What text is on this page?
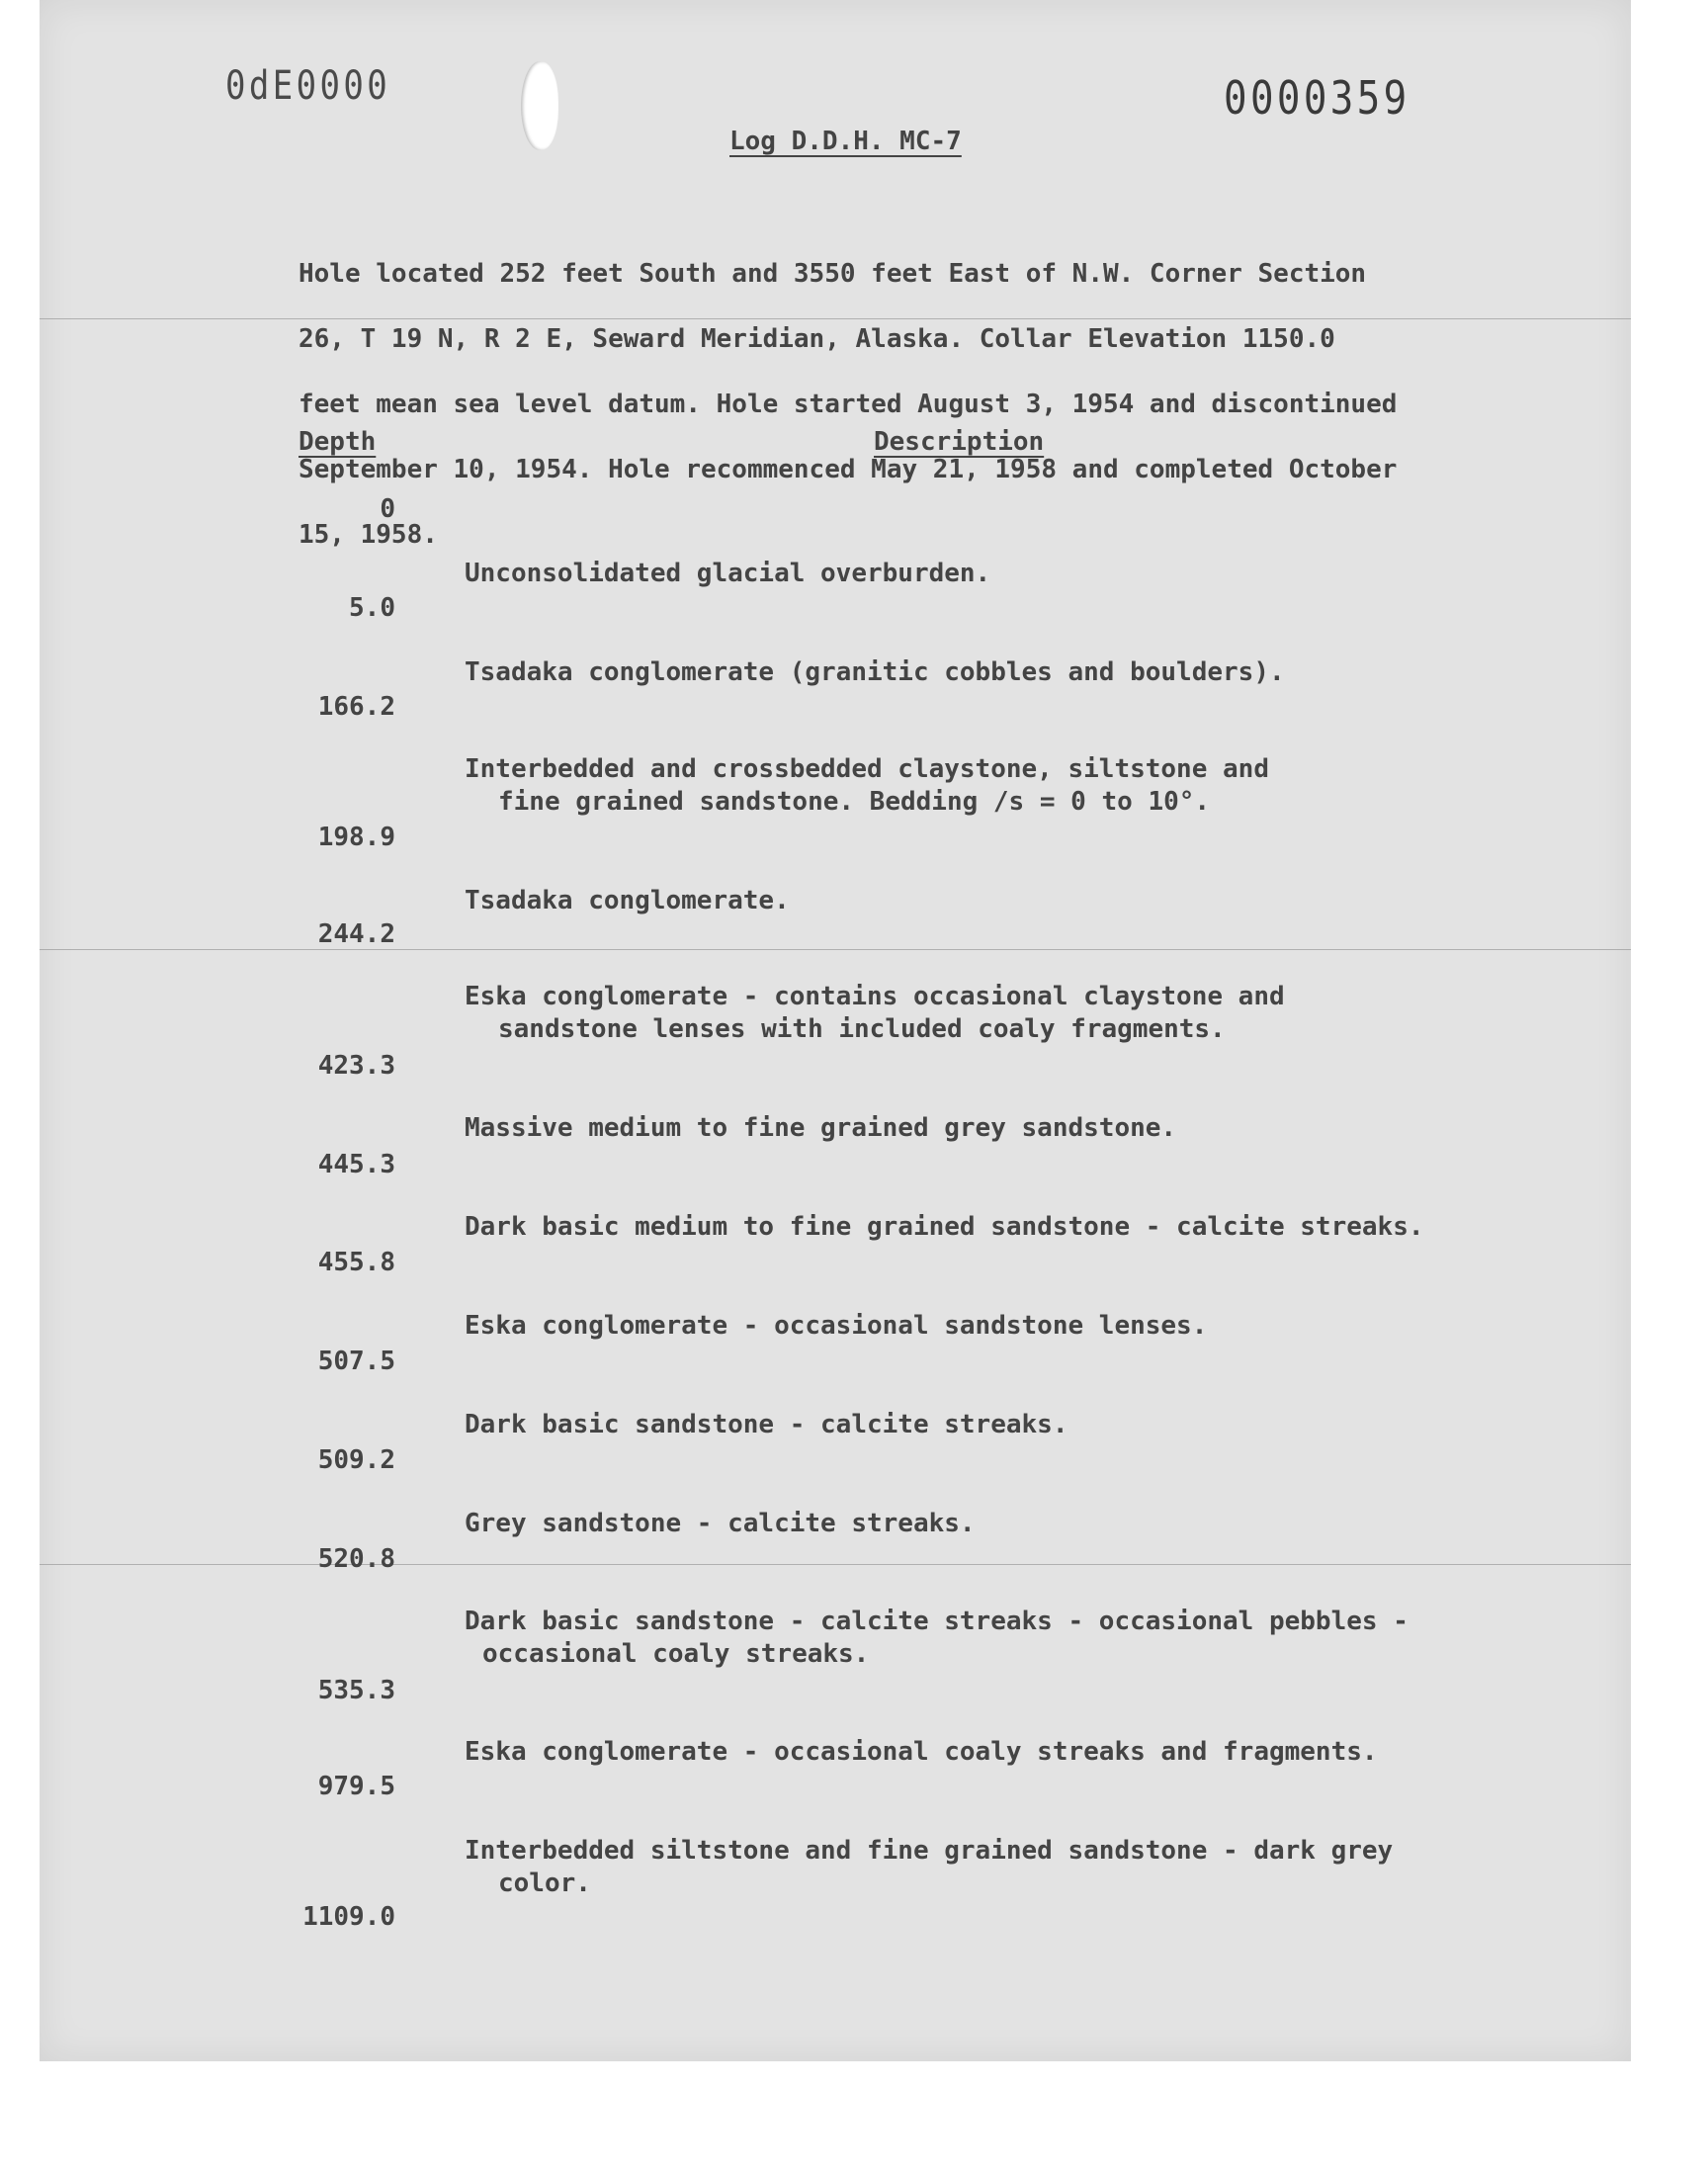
0dE0000	0000359
Log D.D.H. MC-7

Hole located 252 feet South and 3550 feet East of N.W. Corner Section

26, T 19 N, R 2 E, Seward Meridian, Alaska. Collar Elevation 1150.0

feet mean sea level datum. Hole started August 3, 1954 and discontinued

September 10, 1954. Hole recommenced May 21, 1958 and completed October

15, 1958.

Depth	Description
0
5.0
166.2
198.9
244.2
423.3
445.3
455.8
507.5
509.2
520.8
535.3
979.5
1109.0
Unconsolidated glacial overburden.
Tsadaka conglomerate (granitic cobbles and boulders).
Interbedded and crossbedded claystone, siltstone and
fine grained sandstone. Bedding /s = 0 to 10°.
Tsadaka conglomerate.
Eska conglomerate - contains occasional claystone and
sandstone lenses with included coaly fragments.
Massive medium to fine grained grey sandstone.
Dark basic medium to fine grained sandstone - calcite streaks.
Eska conglomerate - occasional sandstone lenses.
Dark basic sandstone - calcite streaks.
Grey sandstone - calcite streaks.
Dark basic sandstone - calcite streaks - occasional pebbles -
occasional coaly streaks.
Eska conglomerate - occasional coaly streaks and fragments.
Interbedded siltstone and fine grained sandstone - dark grey
color.
